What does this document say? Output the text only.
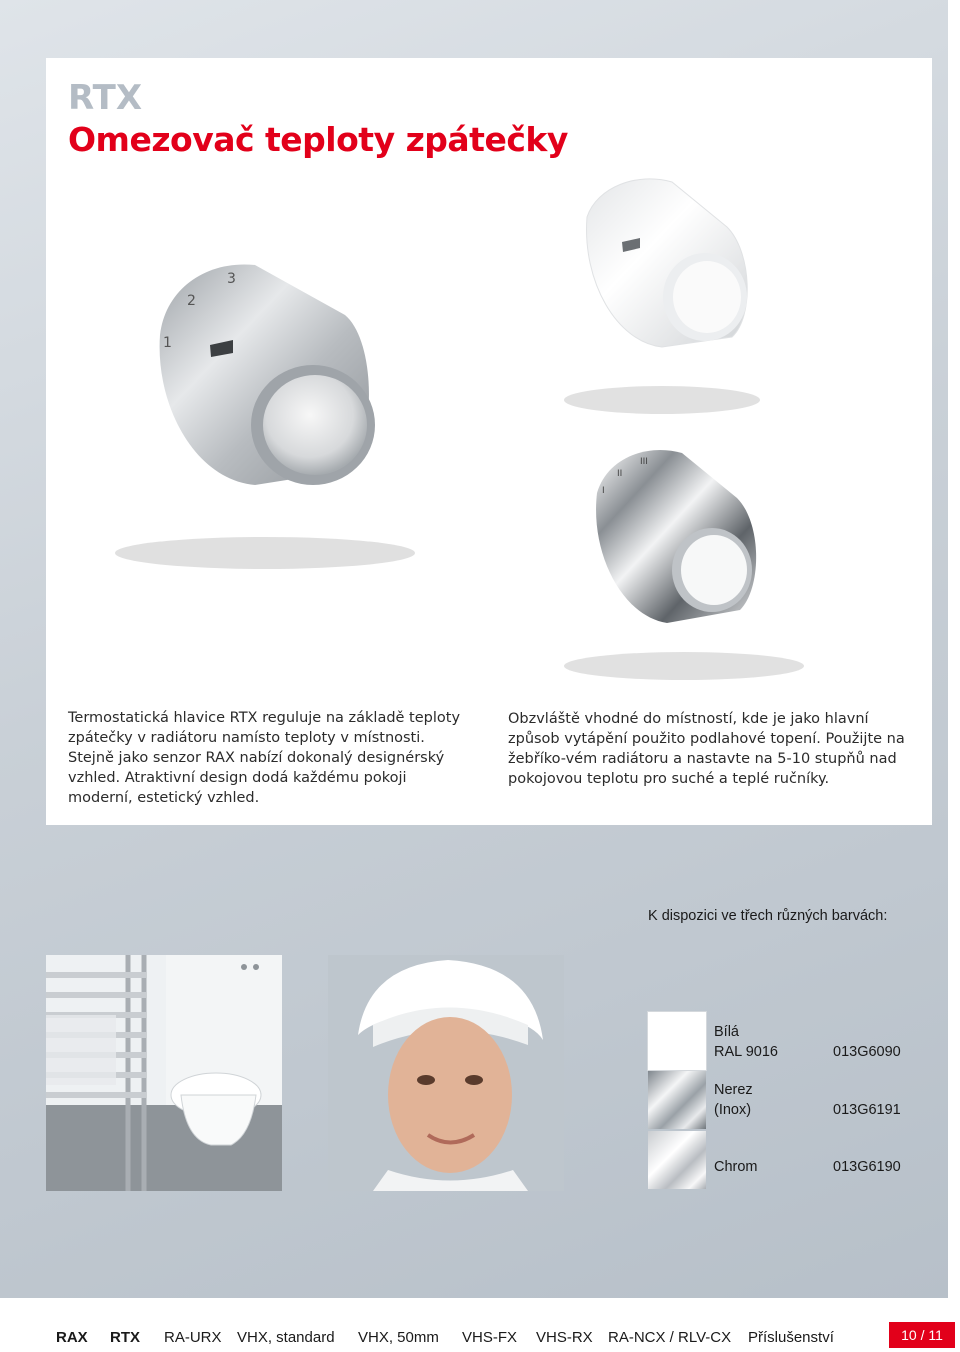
RTX
Omezovač teploty zpátečky
1
2
3
I
II
III
Termostatická hlavice RTX reguluje na základě teploty zpátečky v radiátoru namísto teploty v místnosti. Stejně jako senzor RAX nabízí dokonalý designérský vzhled. Atraktivní design dodá každému pokoji moderní, estetický vzhled.
Obzvláště vhodné do místností, kde je jako hlavní způsob vytápění použito podlahové topení. Použijte na žebříko-vém radiátoru a nastavte na 5-10 stupňů nad pokojovou teplotu pro suché a teplé ručníky.
K dispozici ve třech různých barvách:
Bílá
RAL 9016	013G6090
Nerez
(Inox)	013G6191
Chrom	013G6190
RAX RTX RA-URX VHX, standard VHX, 50mm VHS-FX VHS-RX RA-NCX / RLV-CX Příslušenství	10 / 11
